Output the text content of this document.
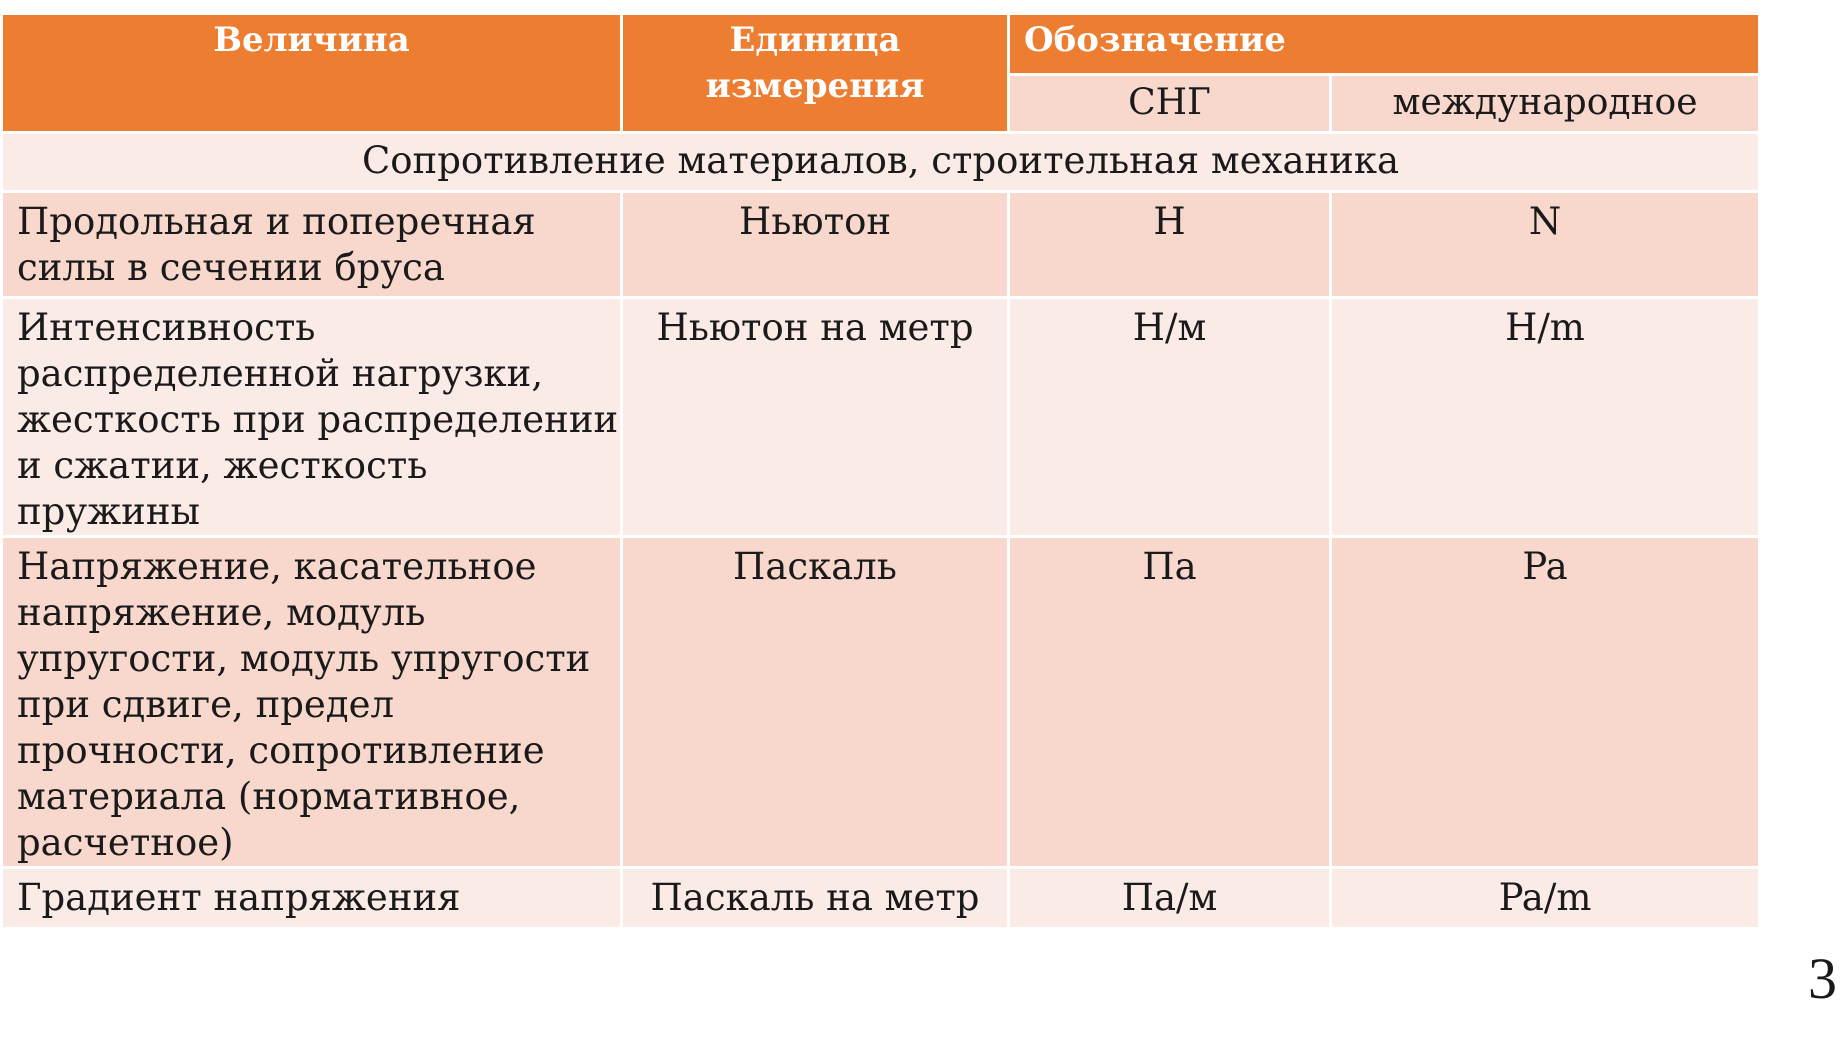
Величина	Единица измерения	Обозначение	
		СНГ	международное
Сопротивление материалов, строительная механика			
Продольная и поперечная силы в сечении бруса	Ньютон	Н	N
Интенсивность распределенной нагрузки, жесткость при распределении и сжатии, жесткость пружины	Ньютон на метр	Н/м	Н/m
Напряжение, касательное напряжение, модуль упругости, модуль упругости при сдвиге, предел прочности, сопротивление материала (нормативное, расчетное)	Паскаль	Па	Pa
Градиент напряжения	Паскаль на метр	Па/м	Pa/m
3
